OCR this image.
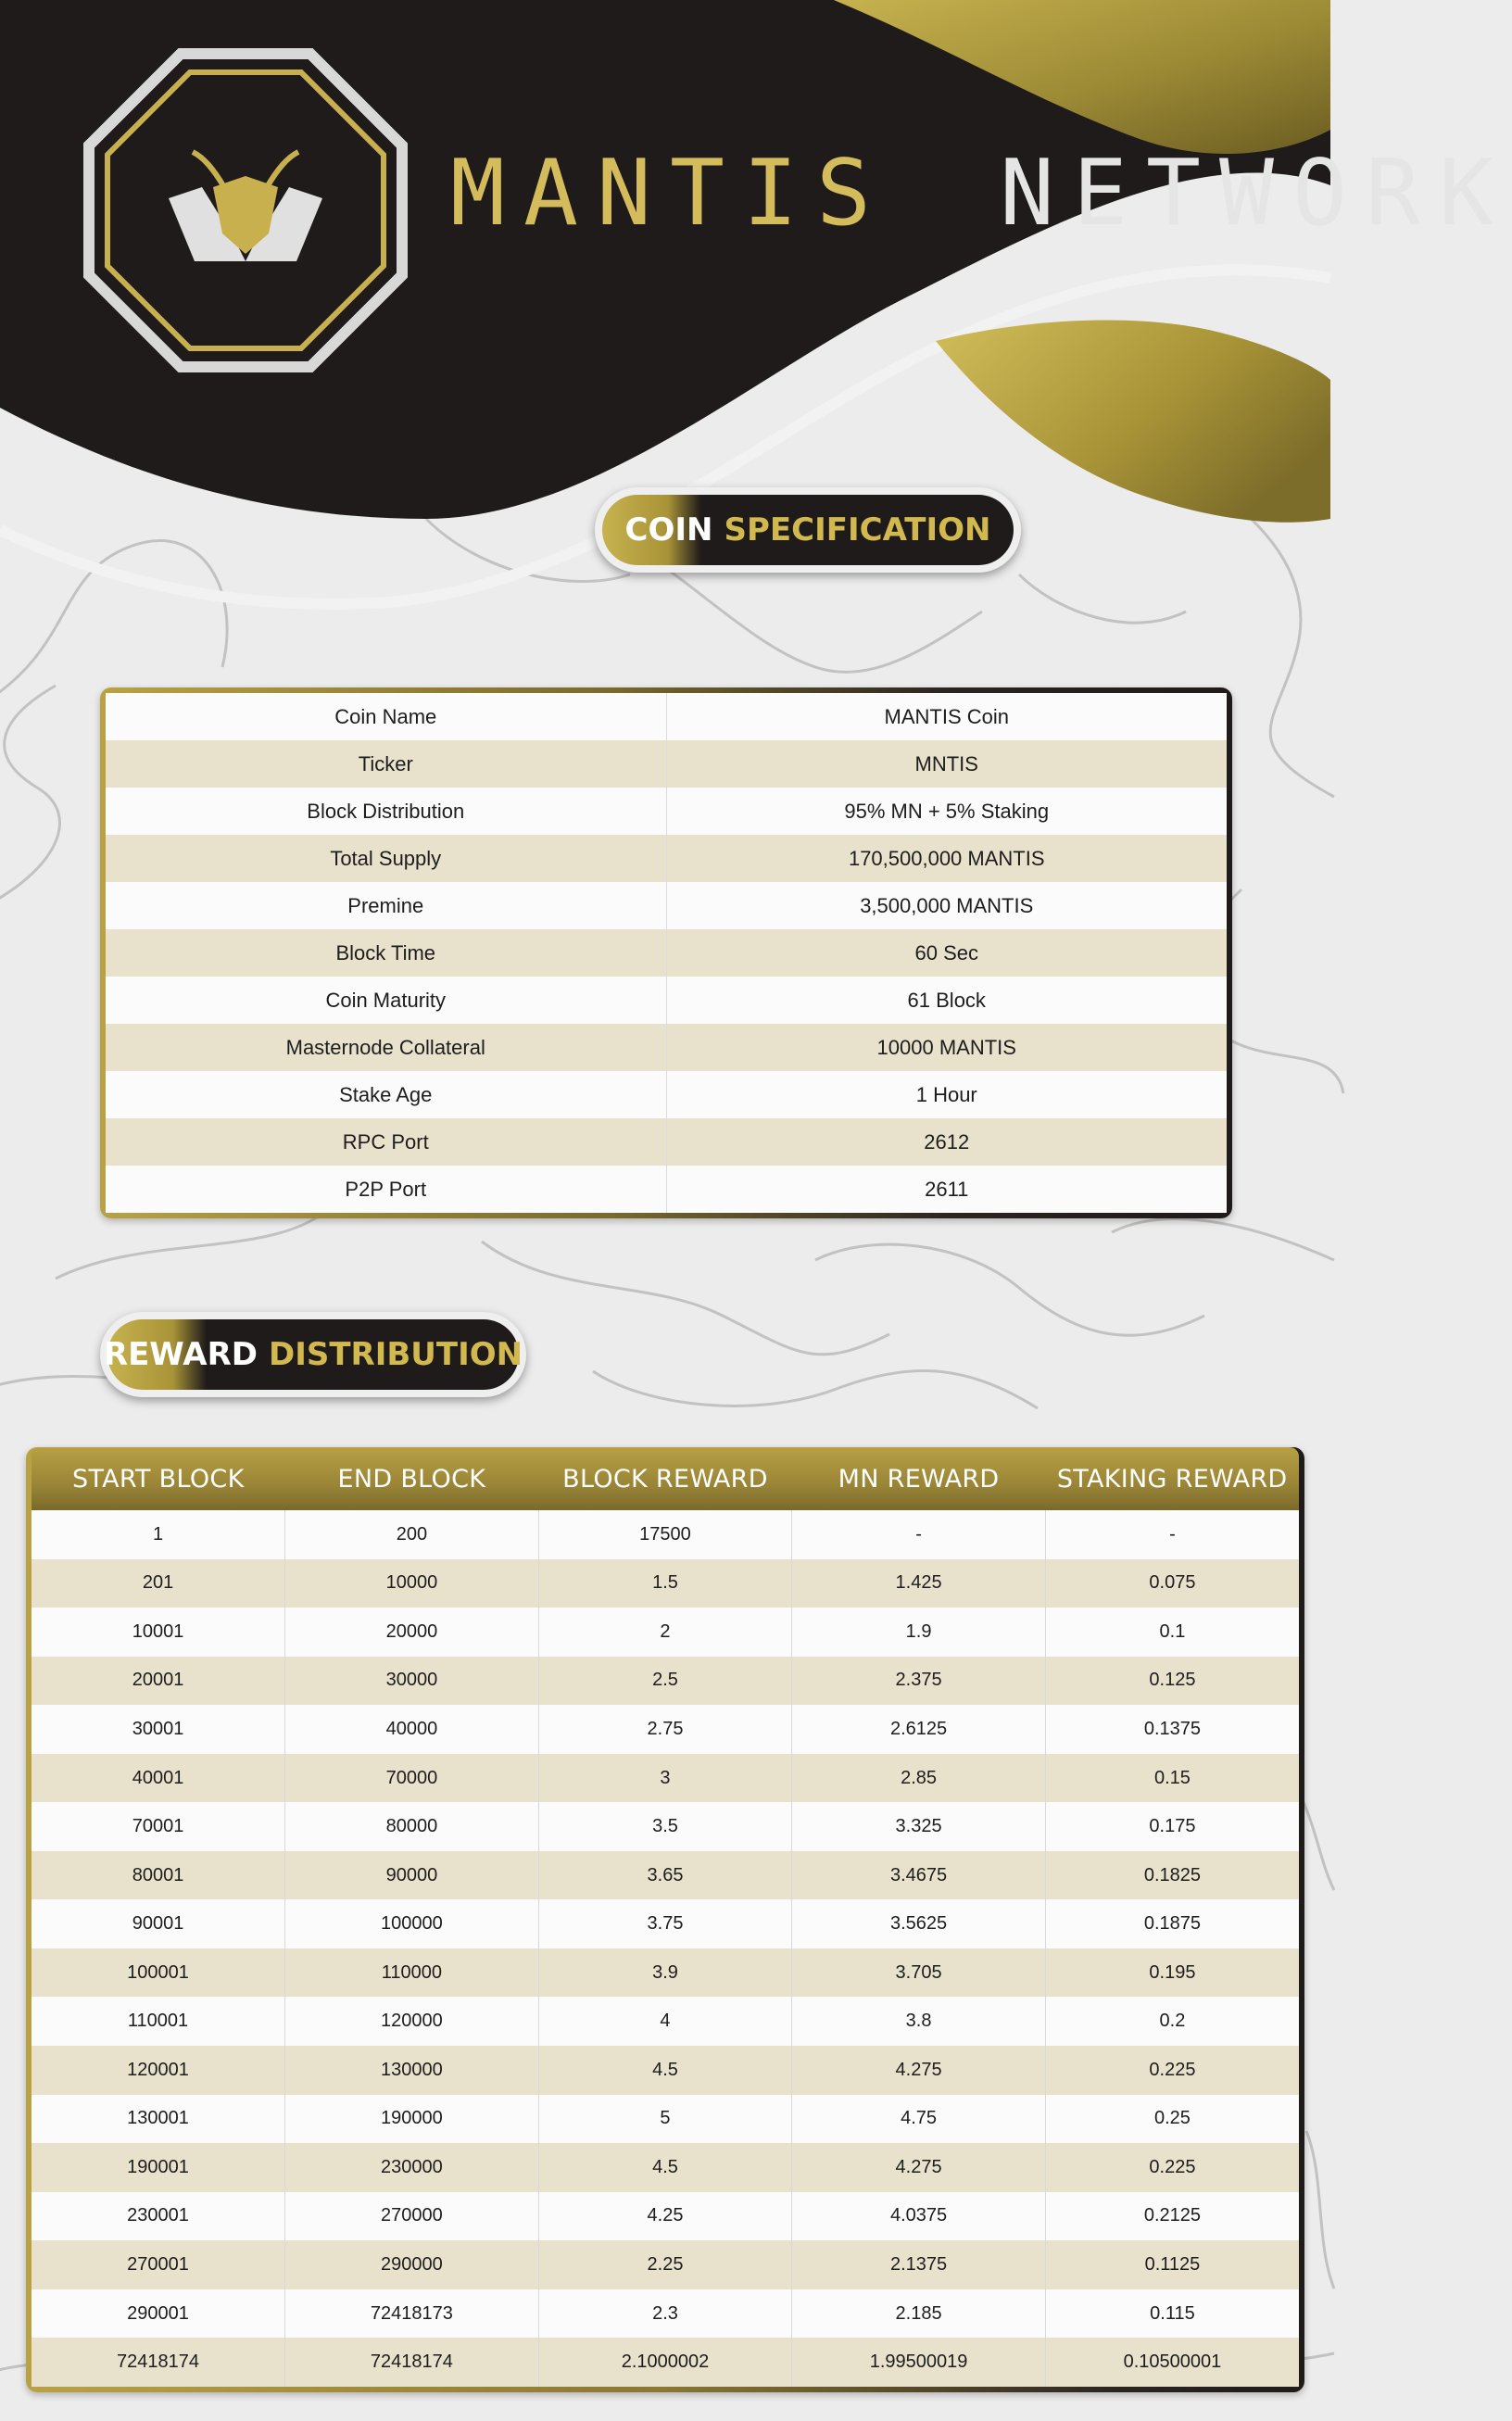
MANTIS NETWORK
COIN SPECIFICATION
Coin Name	MANTIS Coin
Ticker	MNTIS
Block Distribution	95% MN + 5% Staking
Total Supply	170,500,000 MANTIS
Premine	3,500,000 MANTIS
Block Time	60 Sec
Coin Maturity	61 Block
Masternode Collateral	10000 MANTIS
Stake Age	1 Hour
RPC Port	2612
P2P Port	2611
REWARD DISTRIBUTION
START BLOCK	END BLOCK	BLOCK REWARD	MN REWARD	STAKING REWARD
1	200	17500	-	-
201	10000	1.5	1.425	0.075
10001	20000	2	1.9	0.1
20001	30000	2.5	2.375	0.125
30001	40000	2.75	2.6125	0.1375
40001	70000	3	2.85	0.15
70001	80000	3.5	3.325	0.175
80001	90000	3.65	3.4675	0.1825
90001	100000	3.75	3.5625	0.1875
100001	110000	3.9	3.705	0.195
110001	120000	4	3.8	0.2
120001	130000	4.5	4.275	0.225
130001	190000	5	4.75	0.25
190001	230000	4.5	4.275	0.225
230001	270000	4.25	4.0375	0.2125
270001	290000	2.25	2.1375	0.1125
290001	72418173	2.3	2.185	0.115
72418174	72418174	2.1000002	1.99500019	0.10500001
